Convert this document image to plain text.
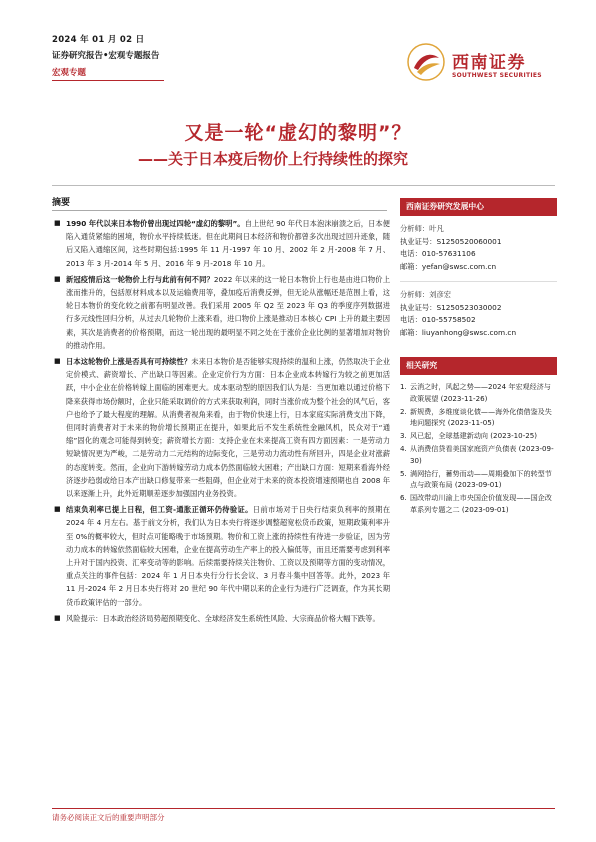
2024 年 01 月 02 日
证券研究报告•宏观专题报告
宏观专题	西南证券
SOUTHWEST SECURITIES
又是一轮“虚幻的黎明”？
——关于日本疫后物价上行持续性的探究
摘要
■ 1990 年代以来日本物价曾出现过四轮“虚幻的黎明”。自上世纪 90 年代日本泡沫崩溃之后，日本便陷入通货紧缩的困境，物价水平持续低迷。但在此期间日本经济和物价都曾多次出现过回升迹象，随后又陷入通缩区间，这些时期包括:1995 年 11 月-1997 年 10 月、2002 年 2 月-2008 年 7 月、2013 年 3 月-2014 年 5 月、2016 年 9 月-2018 年 10 月。
■ 新冠疫情后这一轮物价上行与此前有何不同？2022 年以来的这一轮日本物价上行也是由进口物价上涨而推升的，包括原材料成本以及运输费用等，叠加疫后消费反弹，但无论从涨幅还是范围上看，这轮日本物价的变化较之前都有明显改善。我们采用 2005 年 Q2 至 2023 年 Q3 的季度序列数据进行多元线性回归分析，从过去几轮物价上涨来看，进口物价上涨是推动日本核心 CPI 上升的最主要因素，其次是消费者的价格预期，而这一轮出现的最明显不同之处在于涨价企业比例的显著增加对物价的推动作用。
■ 日本这轮物价上涨是否具有可持续性？未来日本物价是否能够实现持续的温和上涨，仍然取决于企业定价模式、薪资增长、产出缺口等因素。企业定价行为方面：日本企业成本转嫁行为较之前更加活跃，中小企业在价格转嫁上面临的困难更大。成本驱动型的原因我们认为是：当更加难以通过价格下降来获得市场份额时，企业只能采取调价的方式来获取利润，同时当涨价成为整个社会的风气后，客户也给予了最大程度的理解。从消费者视角来看，由于物价快速上行，日本家庭实际消费支出下降，但同时消费者对于未来的物价增长预期正在提升，如果此后不发生系统性金融风机，民众对于“通缩”固化的观念可能得到转变；薪资增长方面：支持企业在未来提高工资有四方面因素：一是劳动力短缺情况更为严峻，二是劳动力二元结构的边际变化，三是劳动力流动性有所回升，四是企业对涨薪的态度转变。然而，企业向下游转嫁劳动力成本仍然面临较大困难；产出缺口方面：短期来看海外经济逐步趋弱或给日本产出缺口修复带来一些阻碍，但企业对于未来的资本投资增速预期也自 2008 年以来逐渐上升，此外近期顺差逐步加强国内业务投资。
■ 结束负利率已提上日程，但工资-通胀正循环仍待验证。日前市场对于日央行结束负利率的预期在 2024 年 4 月左右。基于前文分析，我们认为日本央行将逐步调整超宽松货币政策，短期政策利率升至 0%的概率较大，但时点可能略晚于市场预期。物价和工资上涨的持续性有待进一步验证，因为劳动力成本的转嫁依然面临较大困难，企业在提高劳动生产率上的投入偏低等，而且还需要考虑到利率上升对于国内投资、汇率变动等的影响。后续需要持续关注物价、工资以及预期等方面的变动情况，重点关注的事件包括：2024 年 1 月日本央行分行长会议、3 月春斗集中回答等。此外，2023 年 11 月-2024 年 2 月日本央行将对 20 世纪 90 年代中期以来的企业行为进行广泛调查，作为其长期货币政策评估的一部分。
■ 风险提示：日本政治经济局势超预期变化、全球经济发生系统性风险、大宗商品价格大幅下跌等。
西南证券研究发展中心
分析师：叶凡
执业证号：S1250520060001
电话：010-57631106
邮箱：yefan@swsc.com.cn
分析师：刘彦宏
执业证号：S1250523030002
电话：010-55758502
邮箱：liuyanhong@swsc.com.cn
相关研究
1. 云消之时，风起之势——2024 年宏观经济与政策展望 (2023-11-26)
2. 新规费，多维度谈化债——海外化债借鉴及失地问题探究 (2023-11-05)
3. 风已起，全球基建新动向 (2023-10-25)
4. 从消费信贷看美国家庭资产负债表 (2023-09-30)
5. 满网拾行，蓄势而动——周期叠加下的转型节点与政策布局 (2023-09-01)
6. 国改带动川渝上市央国企价值发现——国企改革系列专题之二 (2023-09-01)
请务必阅读正文后的重要声明部分
